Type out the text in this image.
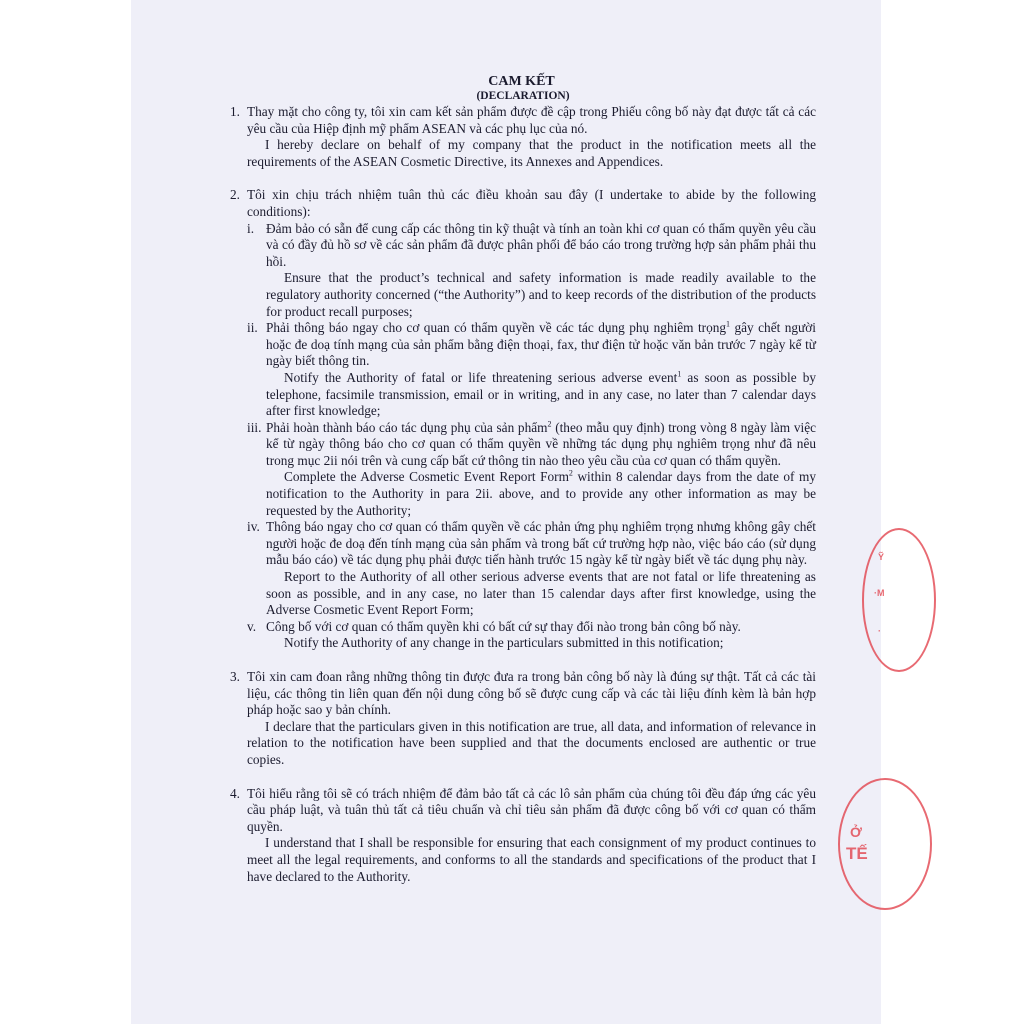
CAM KẾT
(DECLARATION)
1. Thay mặt cho công ty, tôi xin cam kết sản phẩm được đề cập trong Phiếu công bố này đạt được tất cả các yêu cầu của Hiệp định mỹ phẩm ASEAN và các phụ lục của nó.

I hereby declare on behalf of my company that the product in the notification meets all the requirements of the ASEAN Cosmetic Directive, its Annexes and Appendices.

2. Tôi xin chịu trách nhiệm tuân thủ các điều khoản sau đây (I undertake to abide by the following conditions):

i. Đảm bảo có sẵn để cung cấp các thông tin kỹ thuật và tính an toàn khi cơ quan có thẩm quyền yêu cầu và có đầy đủ hồ sơ về các sản phẩm đã được phân phối để báo cáo trong trường hợp sản phẩm phải thu hồi.

Ensure that the product’s technical and safety information is made readily available to the regulatory authority concerned (“the Authority”) and to keep records of the distribution of the products for product recall purposes;

ii. Phải thông báo ngay cho cơ quan có thẩm quyền về các tác dụng phụ nghiêm trọng$^1$ gây chết người hoặc đe doạ tính mạng của sản phẩm bằng điện thoại, fax, thư điện tử hoặc văn bản trước 7 ngày kể từ ngày biết thông tin.

Notify the Authority of fatal or life threatening serious adverse event$^1$ as soon as possible by telephone, facsimile transmission, email or in writing, and in any case, no later than 7 calendar days after first knowledge;

iii. Phải hoàn thành báo cáo tác dụng phụ của sản phẩm$^2$ (theo mẫu quy định) trong vòng 8 ngày làm việc kể từ ngày thông báo cho cơ quan có thẩm quyền về những tác dụng phụ nghiêm trọng như đã nêu trong mục 2ii nói trên và cung cấp bất cứ thông tin nào theo yêu cầu của cơ quan có thẩm quyền.

Complete the Adverse Cosmetic Event Report Form$^2$ within 8 calendar days from the date of my notification to the Authority in para 2ii. above, and to provide any other information as may be requested by the Authority;

iv. Thông báo ngay cho cơ quan có thẩm quyền về các phản ứng phụ nghiêm trọng nhưng không gây chết người hoặc đe doạ đến tính mạng của sản phẩm và trong bất cứ trường hợp nào, việc báo cáo (sử dụng mẫu báo cáo) về tác dụng phụ phải được tiến hành trước 15 ngày kể từ ngày biết về tác dụng phụ này.

Report to the Authority of all other serious adverse events that are not fatal or life threatening as soon as possible, and in any case, no later than 15 calendar days after first knowledge, using the Adverse Cosmetic Event Report Form;

v. Công bố với cơ quan có thẩm quyền khi có bất cứ sự thay đổi nào trong bản công bố này.

Notify the Authority of any change in the particulars submitted in this notification;

3. Tôi xin cam đoan rằng những thông tin được đưa ra trong bản công bố này là đúng sự thật. Tất cả các tài liệu, các thông tin liên quan đến nội dung công bố sẽ được cung cấp và các tài liệu đính kèm là bản hợp pháp hoặc sao y bản chính.

I declare that the particulars given in this notification are true, all data, and information of relevance in relation to the notification have been supplied and that the documents enclosed are authentic or true copies.

4. Tôi hiểu rằng tôi sẽ có trách nhiệm để đảm bảo tất cả các lô sản phẩm của chúng tôi đều đáp ứng các yêu cầu pháp luật, và tuân thủ tất cả tiêu chuẩn và chỉ tiêu sản phẩm đã được công bố với cơ quan có thẩm quyền.

I understand that I shall be responsible for ensuring that each consignment of my product continues to meet all the legal requirements, and conforms to all the standards and specifications of the product that I have declared to the Authority.

Ỹ
·M
·
Ở
TẾ
